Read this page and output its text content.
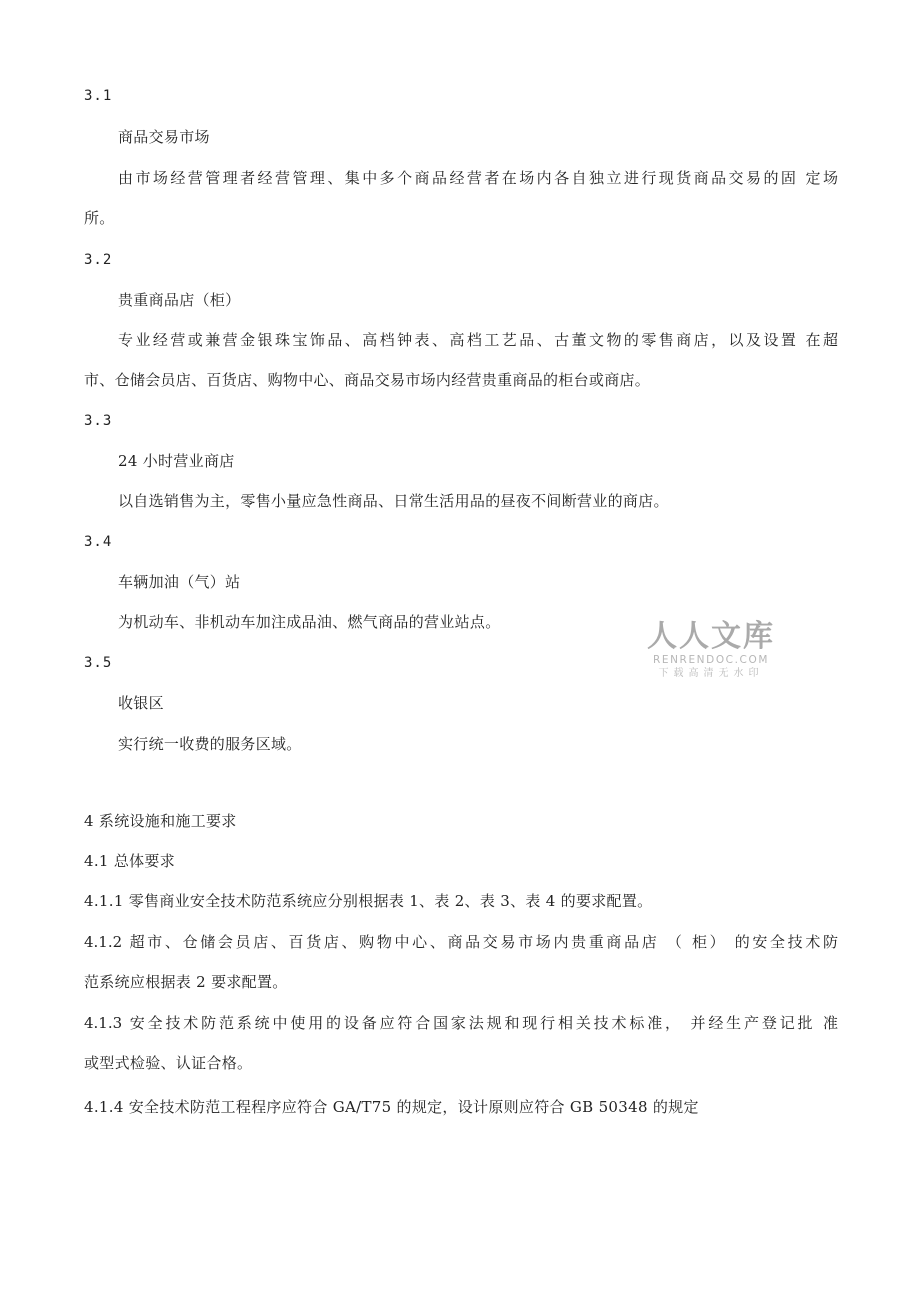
3.1
商品交易市场
由市场经营管理者经营管理、集中多个商品经营者在场内各自独立进行现货商品交易的固 定场
所。
3.2
贵重商品店（柜）
专业经营或兼营金银珠宝饰品、高档钟表、高档工艺品、古董文物的零售商店，以及设置 在超
市、仓储会员店、百货店、购物中心、商品交易市场内经营贵重商品的柜台或商店。
3.3
24 小时营业商店
以自选销售为主，零售小量应急性商品、日常生活用品的昼夜不间断营业的商店。
3.4
车辆加油（气）站
为机动车、非机动车加注成品油、燃气商品的营业站点。
3.5
收银区
实行统一收费的服务区域。
4 系统设施和施工要求
4.1 总体要求
4.1.1 零售商业安全技术防范系统应分别根据表 1、表 2、表 3、表 4 的要求配置。
4.1.2 超市、仓储会员店、百货店、购物中心、商品交易市场内贵重商品店 （ 柜） 的安全技术防
范系统应根据表 2 要求配置。
4.1.3 安全技术防范系统中使用的设备应符合国家法规和现行相关技术标准， 并经生产登记批 准
或型式检验、认证合格。
4.1.4 安全技术防范工程程序应符合 GA/T75 的规定，设计原则应符合 GB 50348 的规定
人人文库
RENRENDOC.COM
下载高清无水印
